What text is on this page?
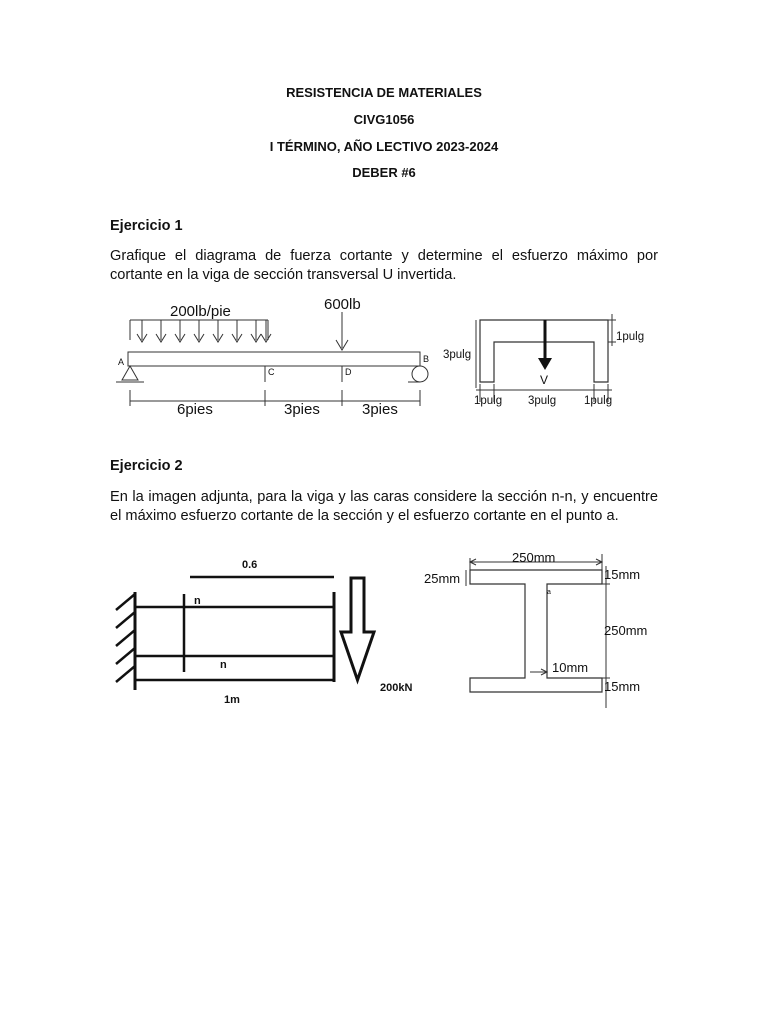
RESISTENCIA DE MATERIALES
CIVG1056
I TÉRMINO, AÑO LECTIVO 2023-2024
DEBER #6
Ejercicio 1
Grafique el diagrama de fuerza cortante y determine el esfuerzo máximo por cortante en la viga de sección transversal U invertida.
200lb/pie	600lb
A	B
C	D
6pies	3pies	3pies
V
1pulg
3pulg
1pulg 3pulg 1pulg
Ejercicio 2
En la imagen adjunta, para la viga y las caras considere la sección n-n, y encuentre el máximo esfuerzo cortante de la sección y el esfuerzo cortante en el punto a.
0.6
n
n
1m
200kN
250mm
25mm	15mm
250mm
15mm
a
10mm
